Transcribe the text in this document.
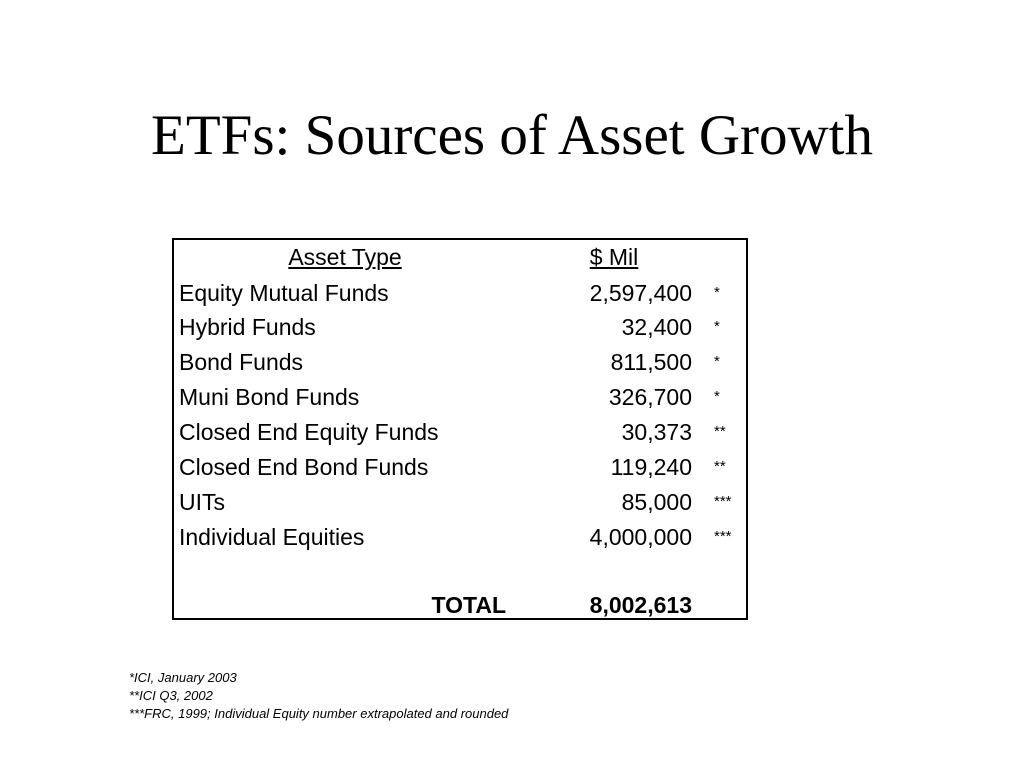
ETFs: Sources of Asset Growth
Asset Type	$ Mil
Equity Mutual Funds	2,597,400 *
Hybrid Funds	32,400 *
Bond Funds	811,500 *
Muni Bond Funds	326,700 *
Closed End Equity Funds	30,373 **
Closed End Bond Funds	119,240 **
UITs	85,000 ***
Individual Equities	4,000,000 ***
TOTAL	8,002,613
*ICI, January 2003
**ICI Q3, 2002
***FRC, 1999; Individual Equity number extrapolated and rounded
